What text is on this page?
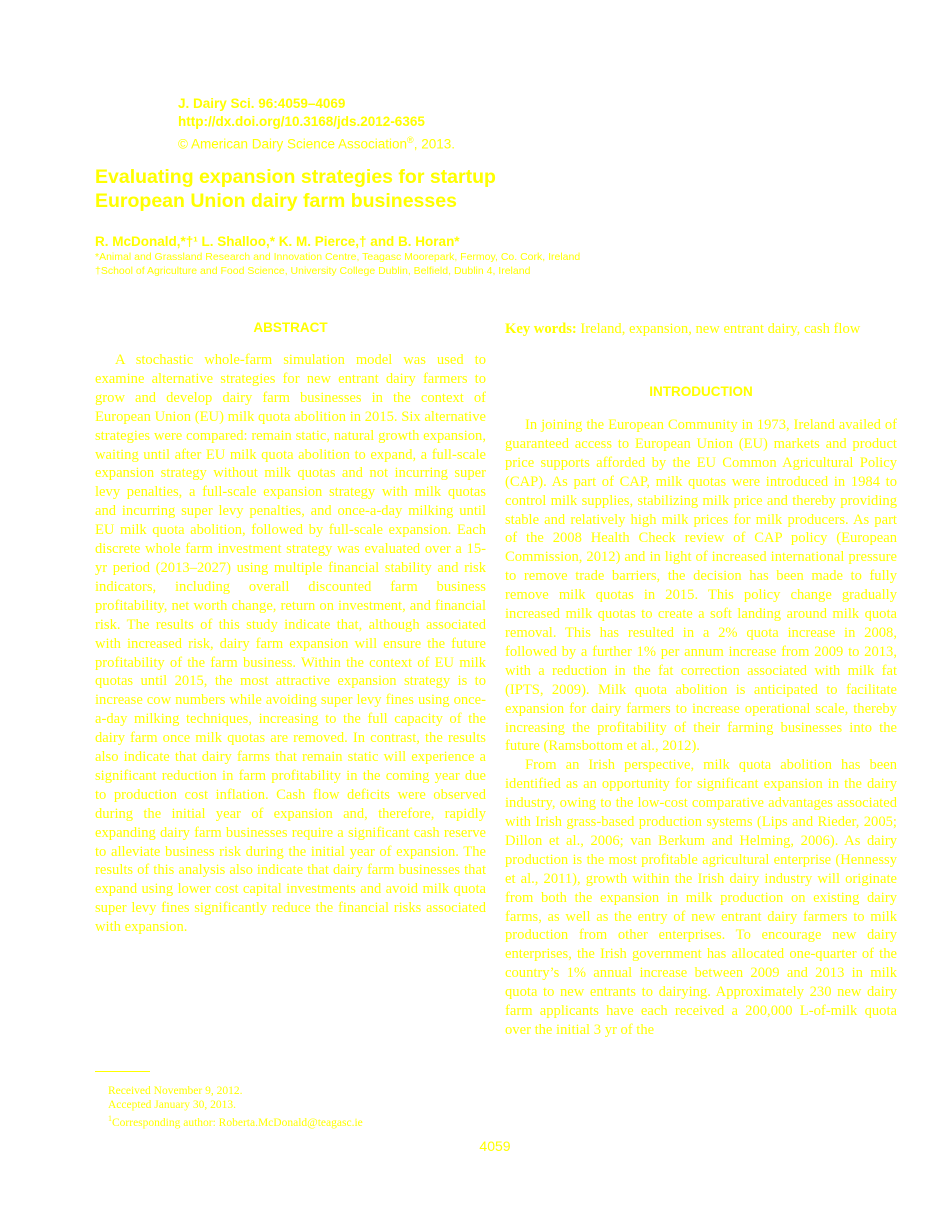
J. Dairy Sci. 96:4059–4069
http://dx.doi.org/10.3168/jds.2012-6365
© American Dairy Science Association®, 2013.
Evaluating expansion strategies for startup
European Union dairy farm businesses
R. McDonald,*†¹ L. Shalloo,* K. M. Pierce,† and B. Horan*
*Animal and Grassland Research and Innovation Centre, Teagasc Moorepark, Fermoy, Co. Cork, Ireland
†School of Agriculture and Food Science, University College Dublin, Belfield, Dublin 4, Ireland
ABSTRACT
A stochastic whole-farm simulation model was used to examine alternative strategies for new entrant dairy farmers to grow and develop dairy farm businesses in the context of European Union (EU) milk quota abolition in 2015. Six alternative strategies were compared: remain static, natural growth expansion, waiting until after EU milk quota abolition to expand, a full-scale expansion strategy without milk quotas and not incurring super levy penalties, a full-scale expansion strategy with milk quotas and incurring super levy penalties, and once-a-day milking until EU milk quota abolition, followed by full-scale expansion. Each discrete whole farm investment strategy was evaluated over a 15-yr period (2013–2027) using multiple financial stability and risk indicators, including overall discounted farm business profitability, net worth change, return on investment, and financial risk. The results of this study indicate that, although associated with increased risk, dairy farm expansion will ensure the future profitability of the farm business. Within the context of EU milk quotas until 2015, the most attractive expansion strategy is to increase cow numbers while avoiding super levy fines using once-a-day milking techniques, increasing to the full capacity of the dairy farm once milk quotas are removed. In contrast, the results also indicate that dairy farms that remain static will experience a significant reduction in farm profitability in the coming year due to production cost inflation. Cash flow deficits were observed during the initial year of expansion and, therefore, rapidly expanding dairy farm businesses require a significant cash reserve to alleviate business risk during the initial year of expansion. The results of this analysis also indicate that dairy farm businesses that expand using lower cost capital investments and avoid milk quota super levy fines significantly reduce the financial risks associated with expansion.
Key words: Ireland, expansion, new entrant dairy, cash flow
INTRODUCTION

In joining the European Community in 1973, Ireland availed of guaranteed access to European Union (EU) markets and product price supports afforded by the EU Common Agricultural Policy (CAP). As part of CAP, milk quotas were introduced in 1984 to control milk supplies, stabilizing milk price and thereby providing stable and relatively high milk prices for milk producers. As part of the 2008 Health Check review of CAP policy (European Commission, 2012) and in light of increased international pressure to remove trade barriers, the decision has been made to fully remove milk quotas in 2015. This policy change gradually increased milk quotas to create a soft landing around milk quota removal. This has resulted in a 2% quota increase in 2008, followed by a further 1% per annum increase from 2009 to 2013, with a reduction in the fat correction associated with milk fat (IPTS, 2009). Milk quota abolition is anticipated to facilitate expansion for dairy farmers to increase operational scale, thereby increasing the profitability of their farming businesses into the future (Ramsbottom et al., 2012).

From an Irish perspective, milk quota abolition has been identified as an opportunity for significant expansion in the dairy industry, owing to the low-cost comparative advantages associated with Irish grass-based production systems (Lips and Rieder, 2005; Dillon et al., 2006; van Berkum and Helming, 2006). As dairy production is the most profitable agricultural enterprise (Hennessy et al., 2011), growth within the Irish dairy industry will originate from both the expansion in milk production on existing dairy farms, as well as the entry of new entrant dairy farmers to milk production from other enterprises. To encourage new dairy enterprises, the Irish government has allocated one-quarter of the country’s 1% annual increase between 2009 and 2013 in milk quota to new entrants to dairying. Approximately 230 new dairy farm applicants have each received a 200,000 L-of-milk quota over the initial 3 yr of the

Received November 9, 2012.
Accepted January 30, 2013.
$^1$Corresponding author: Roberta.McDonald@teagasc.ie
4059
